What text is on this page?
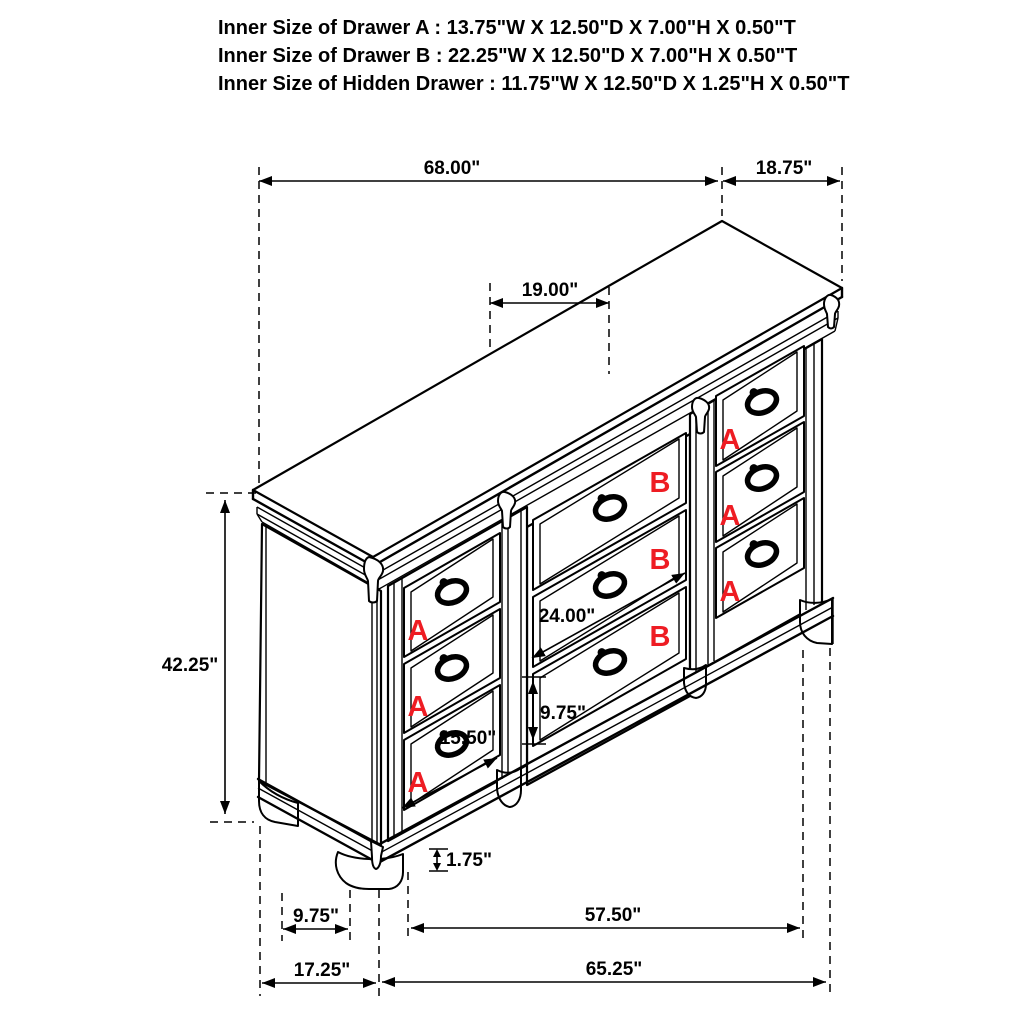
Inner Size of Drawer A : 13.75"W X 12.50"D X 7.00"H X 0.50"T
Inner Size of Drawer B : 22.25"W X 12.50"D X 7.00"H X 0.50"T
Inner Size of Hidden Drawer : 11.75"W X 12.50"D X 1.25"H X 0.50"T
A
A
A
B
B
B
A
A
A
68.00"	18.75"
19.00"
42.25"
24.00"
15.50"
9.75"
1.75"
9.75"
17.25"
57.50"
65.25"
